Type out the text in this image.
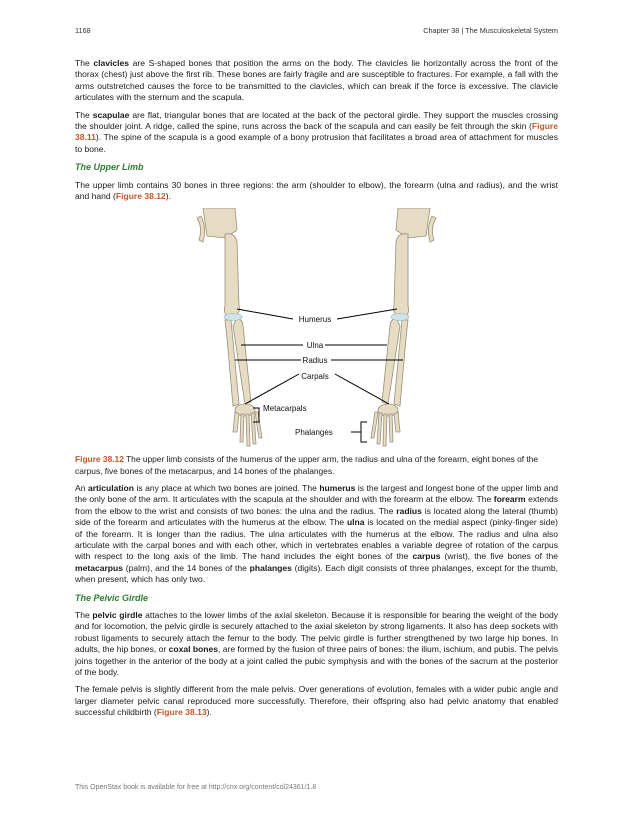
1168	Chapter 38 | The Musculoskeletal System

The clavicles are S-shaped bones that position the arms on the body. The clavicles lie horizontally across the front of the thorax (chest) just above the first rib. These bones are fairly fragile and are susceptible to fractures. For example, a fall with the arms outstretched causes the force to be transmitted to the clavicles, which can break if the force is excessive. The clavicle articulates with the sternum and the scapula.

The scapulae are flat, triangular bones that are located at the back of the pectoral girdle. They support the muscles crossing the shoulder joint. A ridge, called the spine, runs across the back of the scapula and can easily be felt through the skin (Figure 38.11). The spine of the scapula is a good example of a bony protrusion that facilitates a broad area of attachment for muscles to bone.

The Upper Limb

The upper limb contains 30 bones in three regions: the arm (shoulder to elbow), the forearm (ulna and radius), and the wrist and hand (Figure 38.12).

Humerus
Ulna
Radius
Carpals
Metacarpals
Phalanges

Figure 38.12 The upper limb consists of the humerus of the upper arm, the radius and ulna of the forearm, eight bones of the carpus, five bones of the metacarpus, and 14 bones of the phalanges.

An articulation is any place at which two bones are joined. The humerus is the largest and longest bone of the upper limb and the only bone of the arm. It articulates with the scapula at the shoulder and with the forearm at the elbow. The forearm extends from the elbow to the wrist and consists of two bones: the ulna and the radius. The radius is located along the lateral (thumb) side of the forearm and articulates with the humerus at the elbow. The ulna is located on the medial aspect (pinky-finger side) of the forearm. It is longer than the radius. The ulna articulates with the humerus at the elbow. The radius and ulna also articulate with the carpal bones and with each other, which in vertebrates enables a variable degree of rotation of the carpus with respect to the long axis of the limb. The hand includes the eight bones of the carpus (wrist), the five bones of the metacarpus (palm), and the 14 bones of the phalanges (digits). Each digit consists of three phalanges, except for the thumb, when present, which has only two.

The Pelvic Girdle

The pelvic girdle attaches to the lower limbs of the axial skeleton. Because it is responsible for bearing the weight of the body and for locomotion, the pelvic girdle is securely attached to the axial skeleton by strong ligaments. It also has deep sockets with robust ligaments to securely attach the femur to the body. The pelvic girdle is further strengthened by two large hip bones. In adults, the hip bones, or coxal bones, are formed by the fusion of three pairs of bones: the ilium, ischium, and pubis. The pelvis joins together in the anterior of the body at a joint called the pubic symphysis and with the bones of the sacrum at the posterior of the body.

The female pelvis is slightly different from the male pelvis. Over generations of evolution, females with a wider pubic angle and larger diameter pelvic canal reproduced more successfully. Therefore, their offspring also had pelvic anatomy that enabled successful childbirth (Figure 38.13).

This OpenStax book is available for free at http://cnx.org/content/col24361/1.8
